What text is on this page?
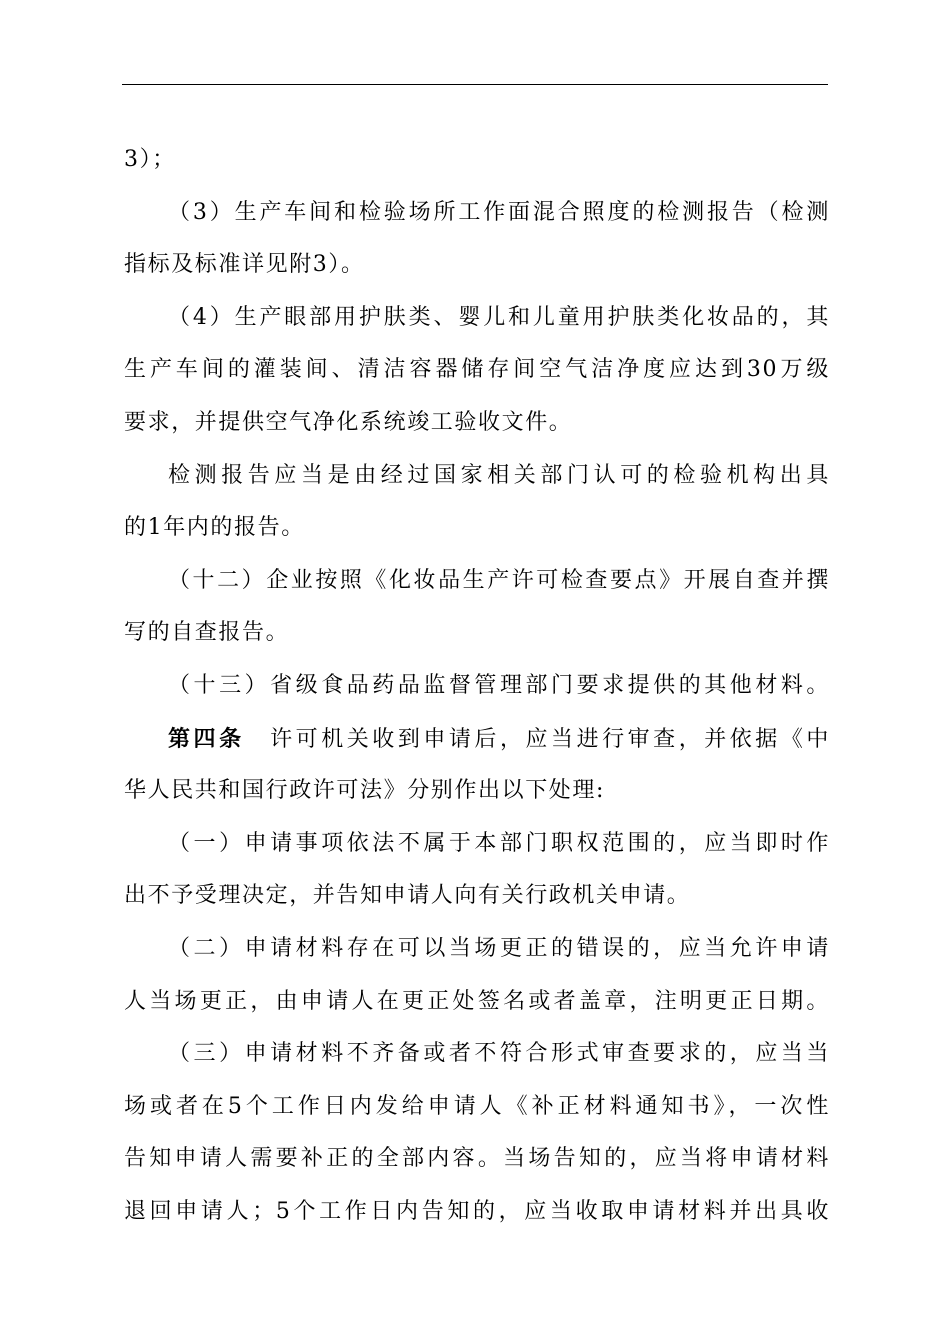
3）；
（3）生产车间和检验场所工作面混合照度的检测报告（检测
指标及标准详见附3）。
（4）生产眼部用护肤类、婴儿和儿童用护肤类化妆品的，其
生产车间的灌装间、清洁容器储存间空气洁净度应达到30万级
要求，并提供空气净化系统竣工验收文件。
检测报告应当是由经过国家相关部门认可的检验机构出具
的1年内的报告。
（十二）企业按照《化妆品生产许可检查要点》开展自查并撰
写的自查报告。
（十三）省级食品药品监督管理部门要求提供的其他材料。
第四条　许可机关收到申请后，应当进行审查，并依据《中
华人民共和国行政许可法》分别作出以下处理:
（一）申请事项依法不属于本部门职权范围的，应当即时作
出不予受理决定，并告知申请人向有关行政机关申请。
（二）申请材料存在可以当场更正的错误的，应当允许申请
人当场更正，由申请人在更正处签名或者盖章，注明更正日期。
（三）申请材料不齐备或者不符合形式审查要求的，应当当
场或者在5个工作日内发给申请人《补正材料通知书》，一次性
告知申请人需要补正的全部内容。当场告知的，应当将申请材料
退回申请人；5个工作日内告知的，应当收取申请材料并出具收
